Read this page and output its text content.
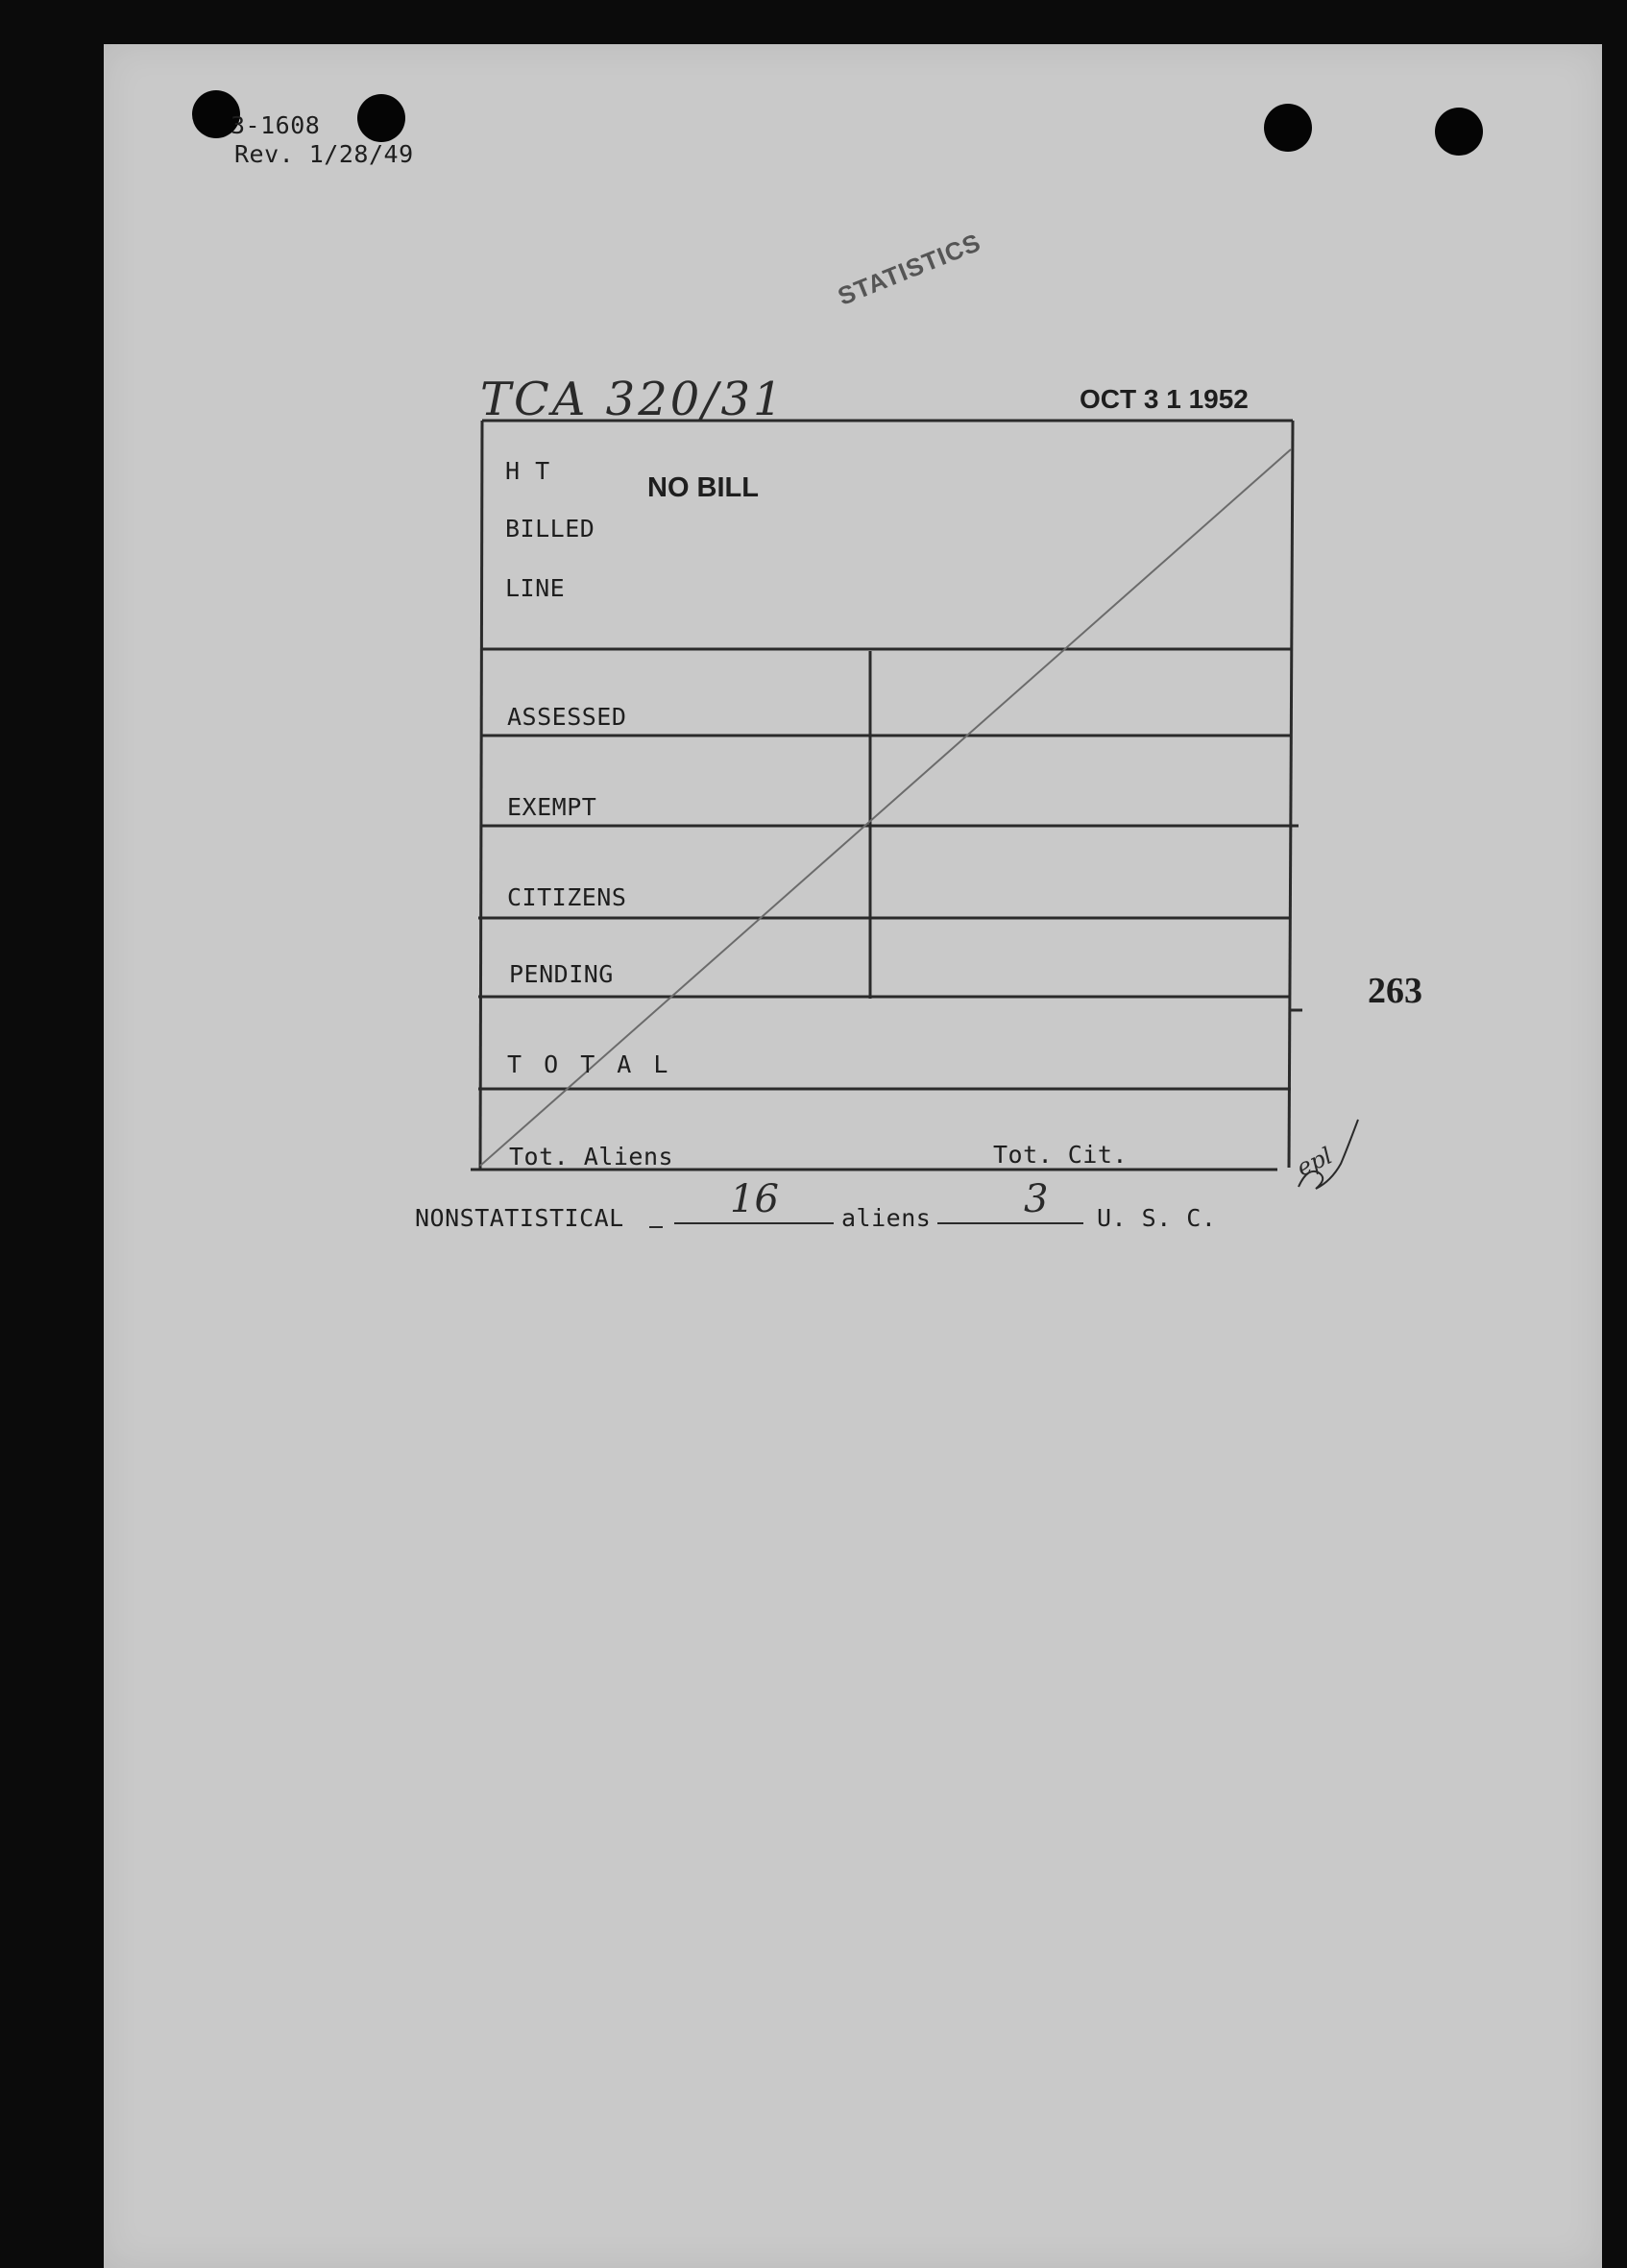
3-1608
Rev. 1/28/49
STATISTICS
TCA 320/31	OCT 3 1 1952
H T
NO BILL
BILLED
LINE
ASSESSED
EXEMPT
CITIZENS
PENDING
T O T A L
Tot. Aliens	Tot. Cit.
263
epl
NONSTATISTICAL	16	aliens 3 U. S. C.
